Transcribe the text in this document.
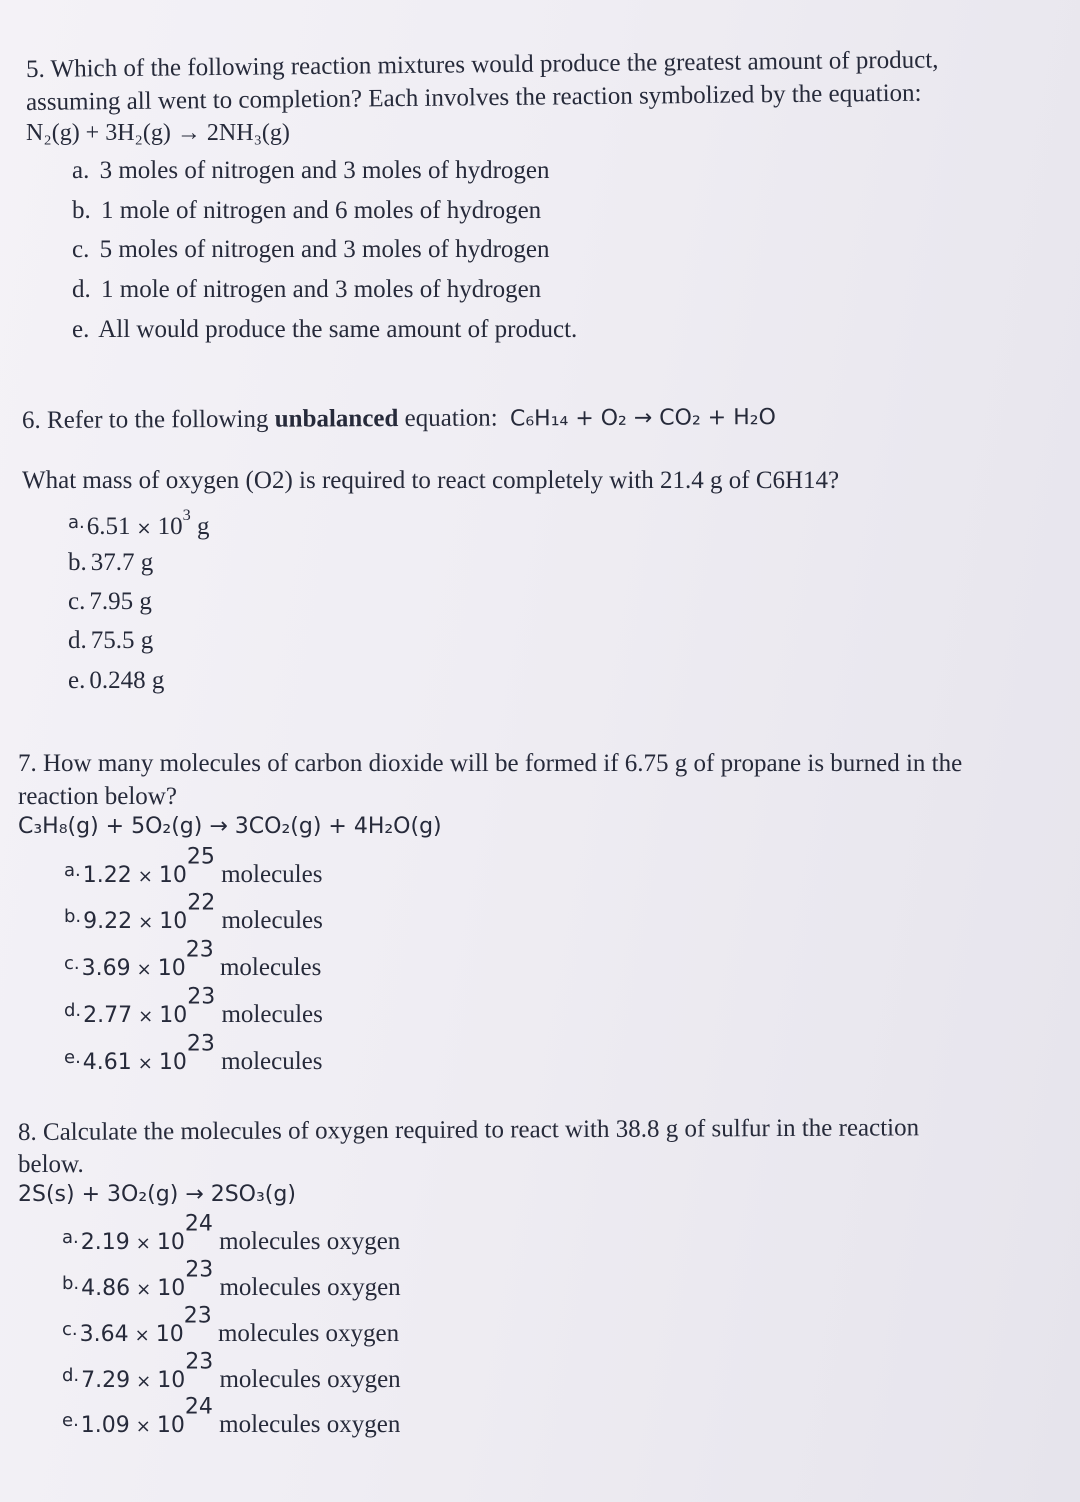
5. Which of the following reaction mixtures would produce the greatest amount of product,
assuming all went to completion? Each involves the reaction symbolized by the equation:
N₂(g) + 3H₂(g) → 2NH₃(g)
a. 3 moles of nitrogen and 3 moles of hydrogen
b. 1 mole of nitrogen and 6 moles of hydrogen
c. 5 moles of nitrogen and 3 moles of hydrogen
d. 1 mole of nitrogen and 3 moles of hydrogen
e. All would produce the same amount of product.
6. Refer to the following unbalanced equation: C₆H₁₄ + O₂ → CO₂ + H₂O
What mass of oxygen (O2) is required to react completely with 21.4 g of C6H14?
$a.6.51 \times 10^3$ g
b. 37.7 g
c. 7.95 g
d. 75.5 g
e. 0.248 g
7. How many molecules of carbon dioxide will be formed if 6.75 g of propane is burned in the
reaction below?
C₃H₈(g) + 5O₂(g) → 3CO₂(g) + 4H₂O(g)
$a.1.22 \times 10^{25}$ molecules
$b.9.22 \times 10^{22}$ molecules
$c.3.69 \times 10^{23}$ molecules
$d.2.77 \times 10^{23}$ molecules
$e.4.61 \times 10^{23}$ molecules
8. Calculate the molecules of oxygen required to react with 38.8 g of sulfur in the reaction
below.
2S(s) + 3O₂(g) → 2SO₃(g)
$a.2.19 \times 10^{24}$ molecules oxygen
$b.4.86 \times 10^{23}$ molecules oxygen
$c.3.64 \times 10^{23}$ molecules oxygen
$d.7.29 \times 10^{23}$ molecules oxygen
$e.1.09 \times 10^{24}$ molecules oxygen
